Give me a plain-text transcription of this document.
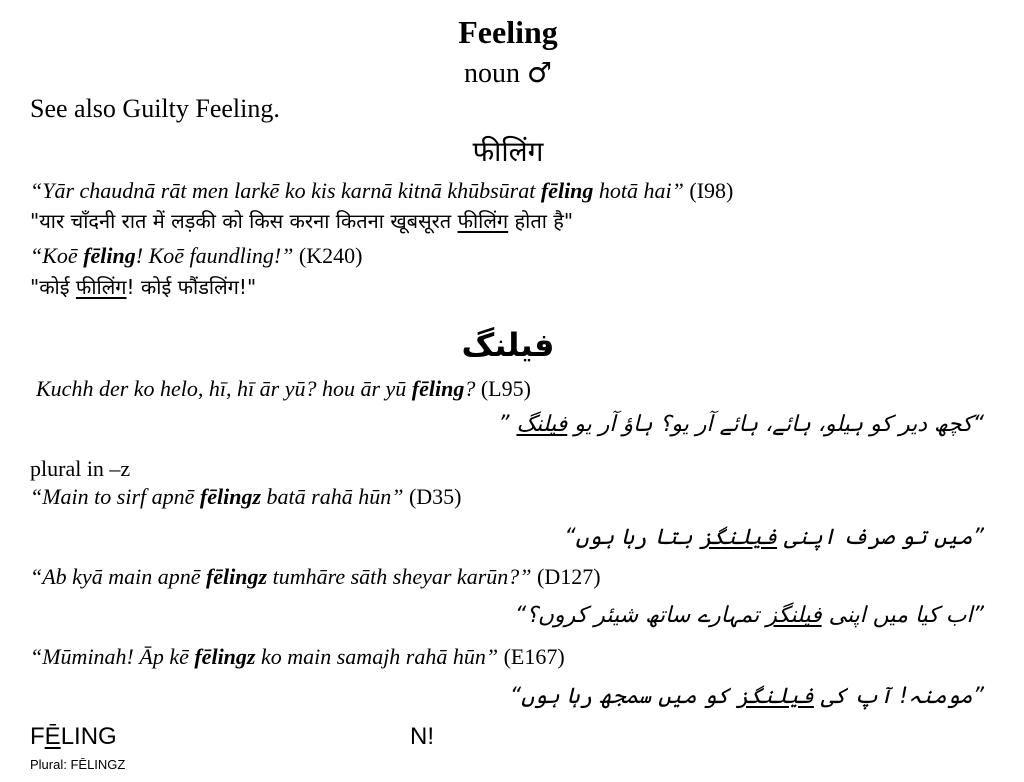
Feeling
noun ♂
See also Guilty Feeling.
फीलिंग
“Yār chaudnā rāt men larkē ko kis karnā kitnā khūbsūrat fēling hotā hai” (I98)
"यार चाँदनी रात में लड़की को किस करना कितना खूबसूरत फीलिंग होता है"
“Koē fēling! Koē faundling!” (K240)
"कोई फीलिंग! कोई फौंडलिंग!"
فیلنگ
Kuchh der ko helo, hī, hī ār yū? hou ār yū fēling? (L95)
“کچھ دیر کو ہیلو، ہائے، ہائے آر یو؟ ہاؤ آر یو فیلنگ ”
plural in –z
“Main to sirf apnē fēlingz batā rahā hūn” (D35)
”میں تو صرف اپنی فیلنگز بتا رہا ہوں“
“Ab kyā main apnē fēlingz tumhāre sāth sheyar karūn?” (D127)
”اب کیا میں اپنی فیلنگز تمہارے ساتھ شیئر کروں؟“
“Mūminah! Āp kē fēlingz ko main samajh rahā hūn” (E167)
”مومنہ! آپ کی فیلنگز کو میں سمجھ رہا ہوں“
FĒLING	N!
Plural: FĒLINGZ
